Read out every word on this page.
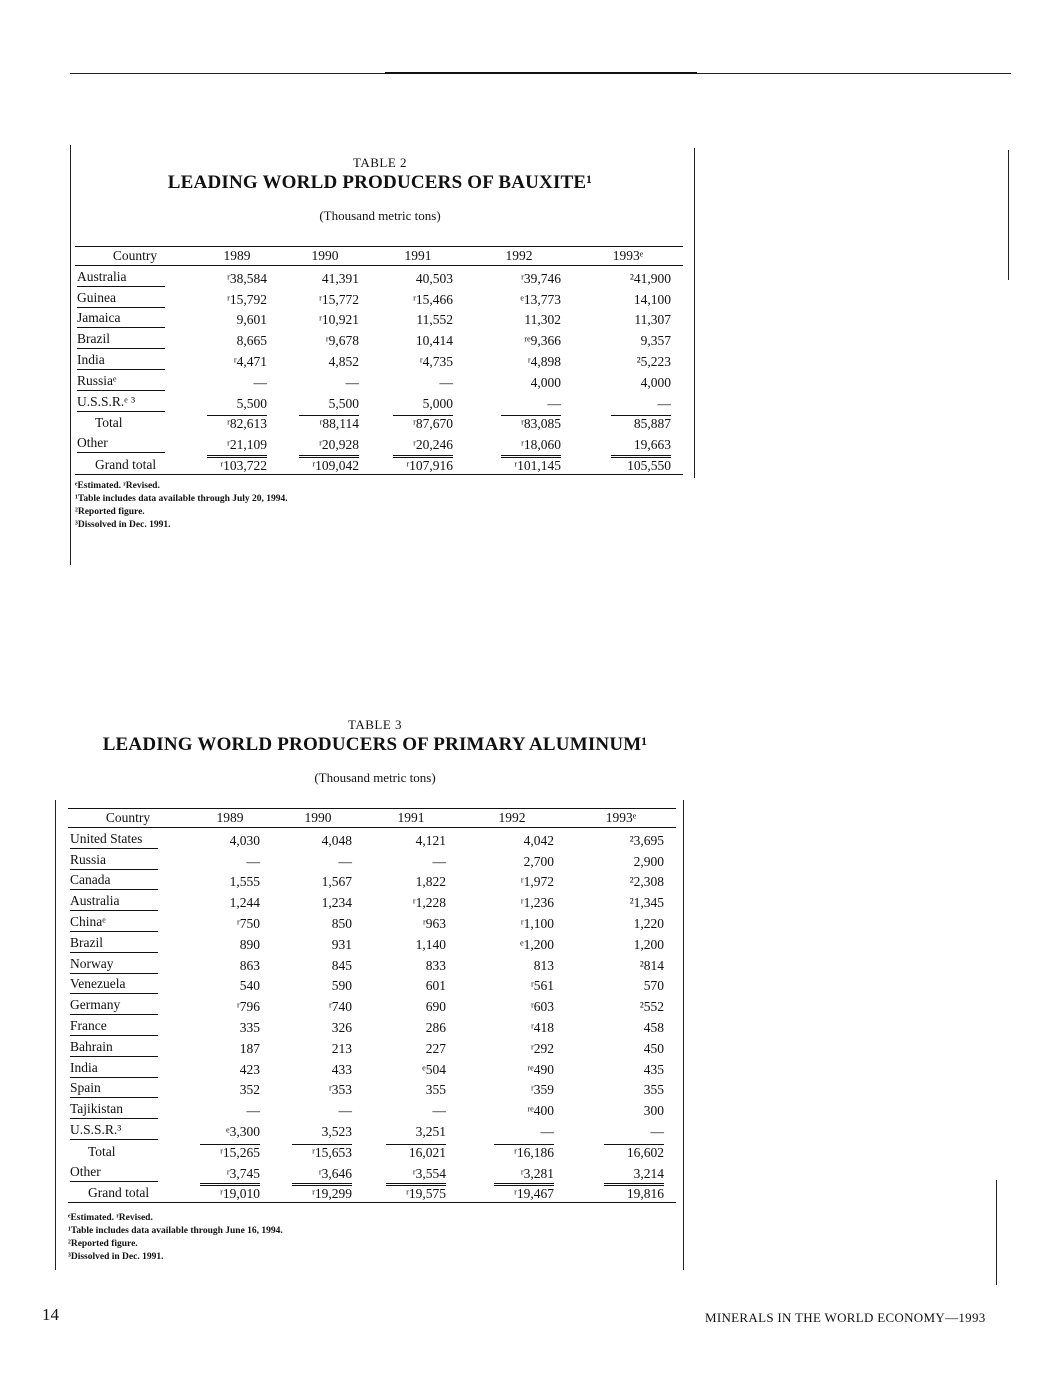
TABLE 2
LEADING WORLD PRODUCERS OF BAUXITE¹
(Thousand metric tons)
Country	1989	1990	1991	1992	1993ᵉ
Australia	ʳ38,584	41,391	40,503	ʳ39,746	²41,900
Guinea	ʳ15,792	ʳ15,772	ʳ15,466	ᵉ13,773	14,100
Jamaica	9,601	ʳ10,921	11,552	11,302	11,307
Brazil	8,665	ʳ9,678	10,414	ʳᵉ9,366	9,357
India	ʳ4,471	4,852	ʳ4,735	ʳ4,898	²5,223
Russiaᵉ	—	—	—	4,000	4,000
U.S.S.R.ᵉ ³	5,500	5,500	5,000	—	—
Total	ʳ82,613	ʳ88,114	ʳ87,670	ʳ83,085	85,887
Other	ʳ21,109	ʳ20,928	ʳ20,246	ʳ18,060	19,663
Grand total	ʳ103,722	ʳ109,042	ʳ107,916	ʳ101,145	105,550
ᵉEstimated. ʳRevised.
¹Table includes data available through July 20, 1994.
²Reported figure.
³Dissolved in Dec. 1991.
TABLE 3
LEADING WORLD PRODUCERS OF PRIMARY ALUMINUM¹
(Thousand metric tons)
Country	1989	1990	1991	1992	1993ᵉ
United States	4,030	4,048	4,121	4,042	²3,695
Russia	—	—	—	2,700	2,900
Canada	1,555	1,567	1,822	ʳ1,972	²2,308
Australia	1,244	1,234	ʳ1,228	ʳ1,236	²1,345
Chinaᵉ	ʳ750	850	ʳ963	ʳ1,100	1,220
Brazil	890	931	1,140	ᵉ1,200	1,200
Norway	863	845	833	813	²814
Venezuela	540	590	601	ʳ561	570
Germany	ʳ796	ʳ740	690	ʳ603	²552
France	335	326	286	ʳ418	458
Bahrain	187	213	227	ʳ292	450
India	423	433	ᵉ504	ʳᵉ490	435
Spain	352	ʳ353	355	ʳ359	355
Tajikistan	—	—	—	ʳᵉ400	300
U.S.S.R.³	ᵉ3,300	3,523	3,251	—	—
Total	ʳ15,265	ʳ15,653	16,021	ʳ16,186	16,602
Other	ʳ3,745	ʳ3,646	ʳ3,554	ʳ3,281	3,214
Grand total	ʳ19,010	ʳ19,299	ʳ19,575	ʳ19,467	19,816
ᵉEstimated. ʳRevised.
¹Table includes data available through June 16, 1994.
²Reported figure.
³Dissolved in Dec. 1991.
14	MINERALS IN THE WORLD ECONOMY—1993
